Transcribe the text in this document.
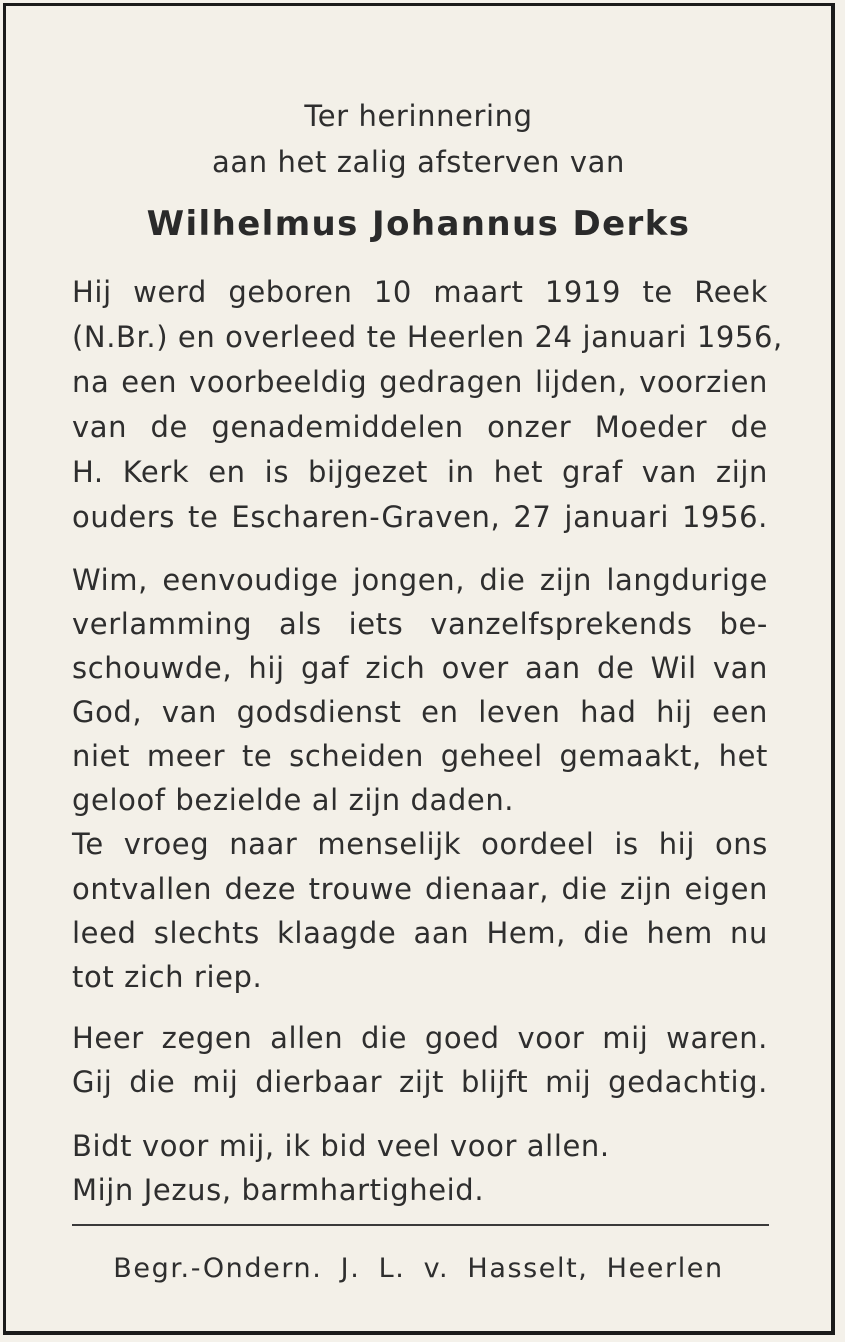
Ter herinnering
aan het zalig afsterven van
Wilhelmus Johannus Derks
Hij werd geboren 10 maart 1919 te Reek
(N.Br.) en overleed te Heerlen 24 januari 1956,
na een voorbeeldig gedragen lijden, voorzien
van de genademiddelen onzer Moeder de
H. Kerk en is bijgezet in het graf van zijn
ouders te Escharen-Graven, 27 januari 1956.
Wim, eenvoudige jongen, die zijn langdurige
verlamming als iets vanzelfsprekends be-
schouwde, hij gaf zich over aan de Wil van
God, van godsdienst en leven had hij een
niet meer te scheiden geheel gemaakt, het
geloof bezielde al zijn daden.
Te vroeg naar menselijk oordeel is hij ons
ontvallen deze trouwe dienaar, die zijn eigen
leed slechts klaagde aan Hem, die hem nu
tot zich riep.
Heer zegen allen die goed voor mij waren.
Gij die mij dierbaar zijt blijft mij gedachtig.
Bidt voor mij, ik bid veel voor allen.
Mijn Jezus, barmhartigheid.
Begr.-Ondern. J. L. v. Hasselt, Heerlen
